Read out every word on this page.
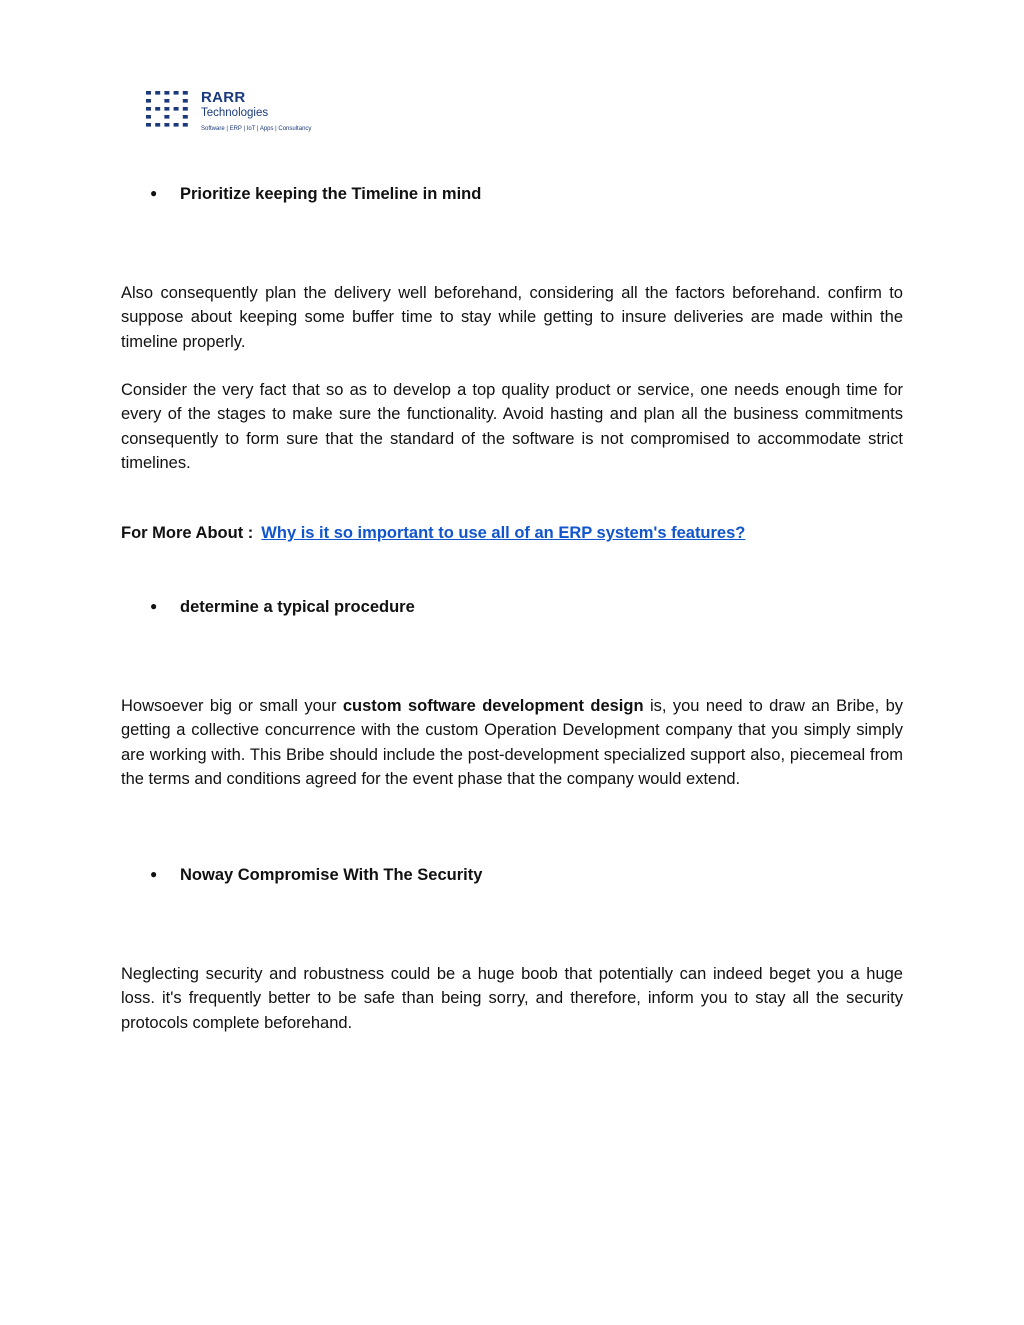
RARR
Technologies
Software | ERP | IoT | Apps | Consultancy
● Prioritize keeping the Timeline in mind

Also consequently plan the delivery well beforehand, considering all the factors beforehand. confirm to suppose about keeping some buffer time to stay while getting to insure deliveries are made within the timeline properly.

Consider the very fact that so as to develop a top quality product or service, one needs enough time for every of the stages to make sure the functionality. Avoid hasting and plan all the business commitments consequently to form sure that the standard of the software is not compromised to accommodate strict timelines.

For More About : Why is it so important to use all of an ERP system's features?
● determine a typical procedure

Howsoever big or small your custom software development design is, you need to draw an Bribe, by getting a collective concurrence with the custom Operation Development company that you simply simply are working with. This Bribe should include the post-development specialized support also, piecemeal from the terms and conditions agreed for the event phase that the company would extend.

● Noway Compromise With The Security

Neglecting security and robustness could be a huge boob that potentially can indeed beget you a huge loss. it's frequently better to be safe than being sorry, and therefore, inform you to stay all the security protocols complete beforehand.
